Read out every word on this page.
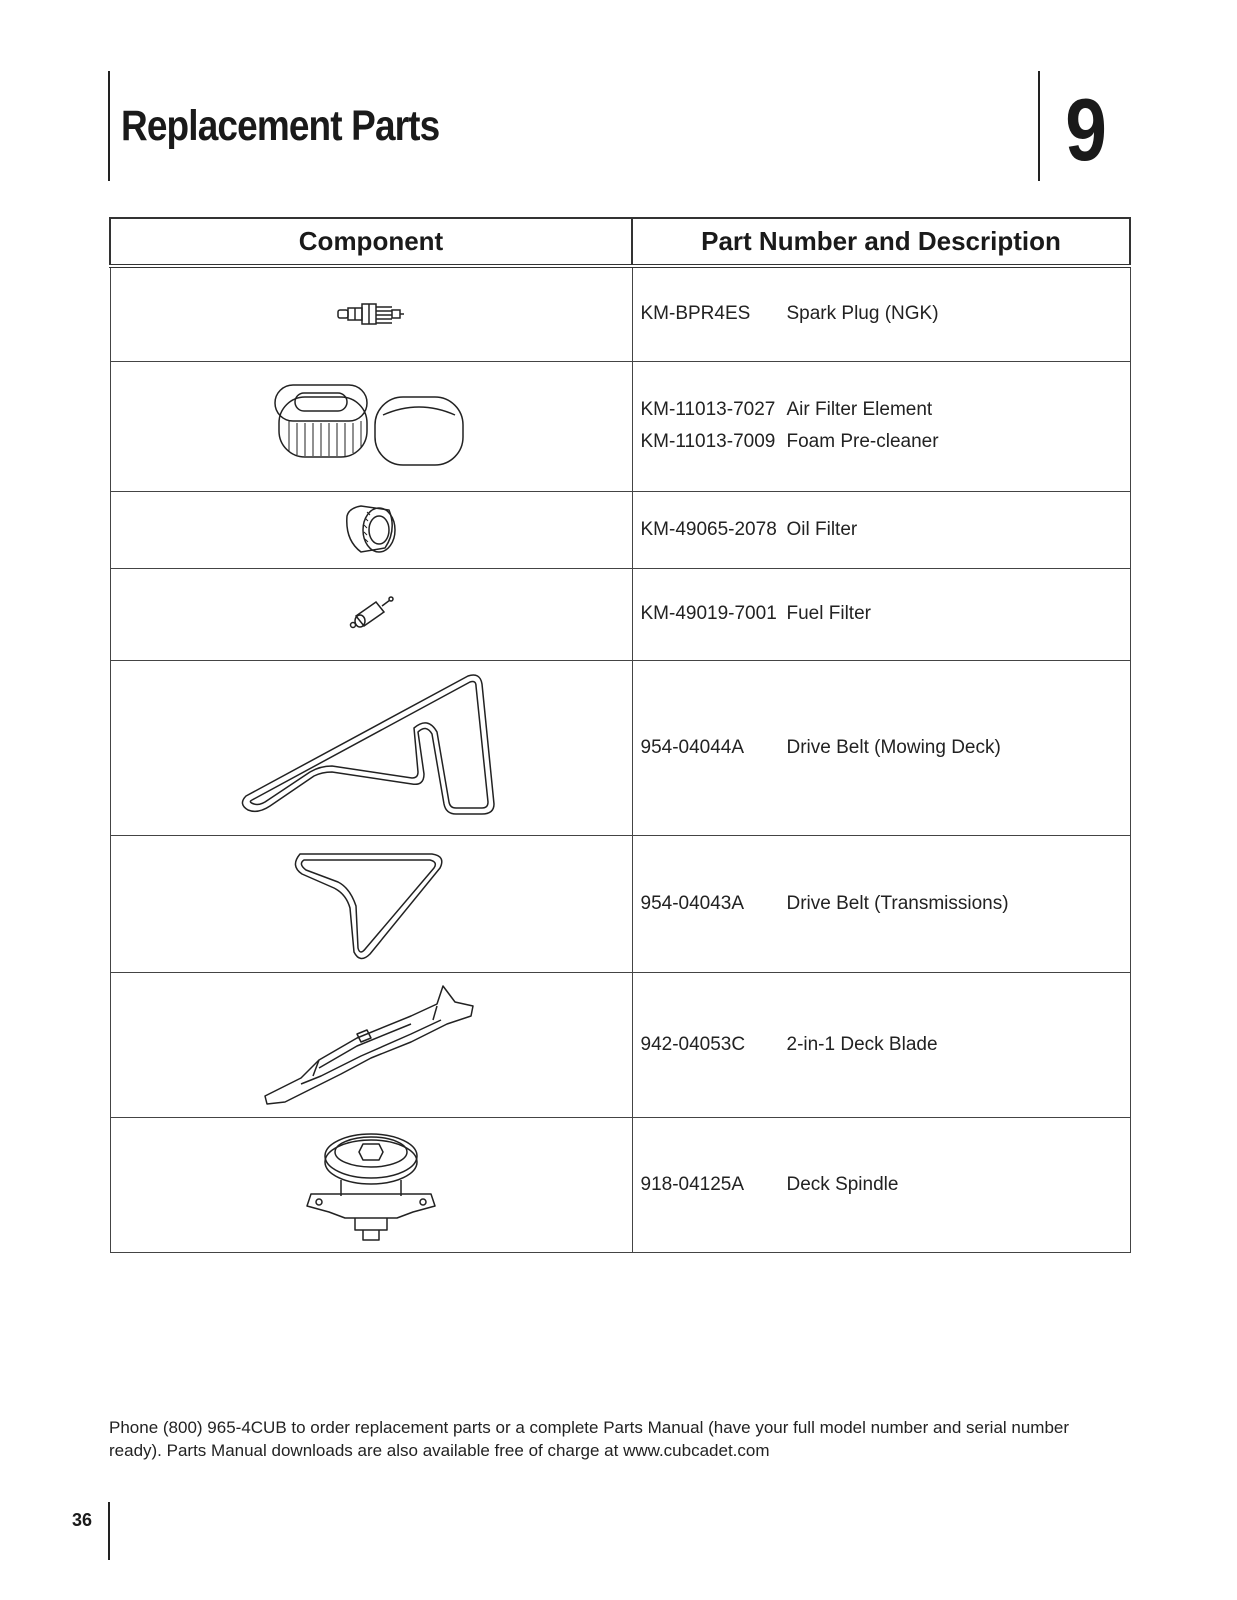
Replacement Parts	9
Component	Part Number and Description

KM-BPR4ES Spark Plug (NGK)

KM-11013-7027 Air Filter Element
KM-11013-7009 Foam Pre-cleaner

KM-49065-2078 Oil Filter

KM-49019-7001 Fuel Filter

954-04044A Drive Belt (Mowing Deck)

954-04043A Drive Belt (Transmissions)

942-04053C 2-in-1 Deck Blade

918-04125A Deck Spindle
Phone (800) 965-4CUB to order replacement parts or a complete Parts Manual (have your full model number and serial number ready). Parts Manual downloads are also available free of charge at www.cubcadet.com
36
